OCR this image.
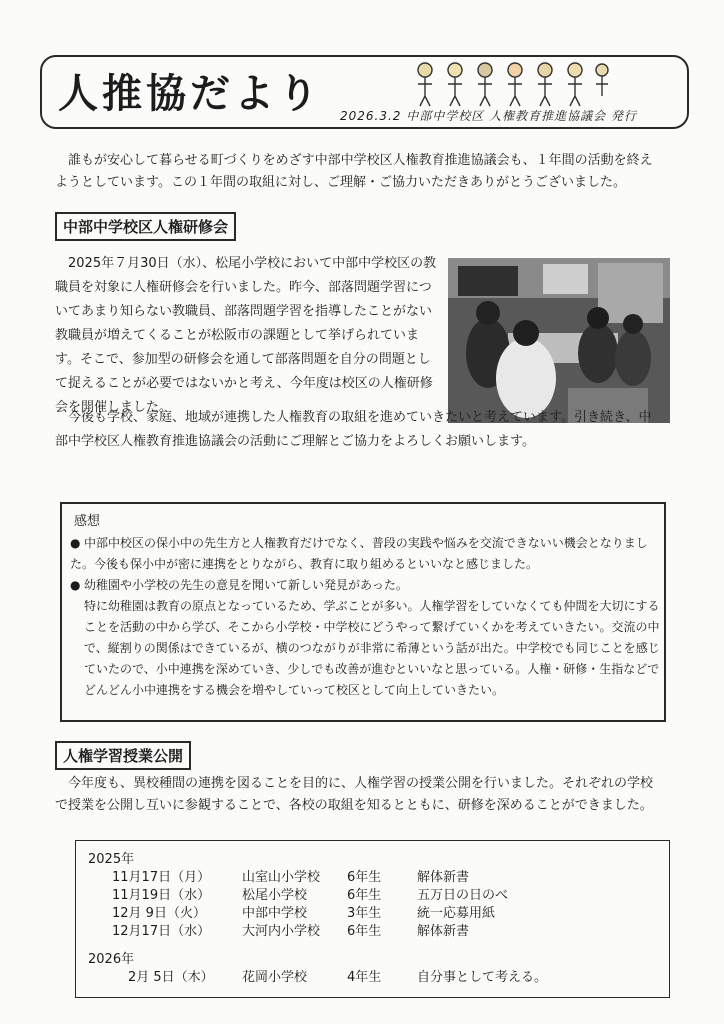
人推協だより 2026.3.2 中部中学校区 人権教育推進協議会 発行
誰もが安心して暮らせる町づくりをめざす中部中学校区人権教育推進協議会も、１年間の活動を終えようとしています。この１年間の取組に対し、ご理解・ご協力いただきありがとうございました。
中部中学校区人権研修会
2025年７月30日（水）、松尾小学校において中部中学校区の教職員を対象に人権研修会を行いました。昨今、部落問題学習についてあまり知らない教職員、部落問題学習を指導したことがない教職員が増えてくることが松阪市の課題として挙げられています。そこで、参加型の研修会を通して部落問題を自分の問題として捉えることが必要ではないかと考え、今年度は校区の人権研修会を開催しました。
今後も学校、家庭、地域が連携した人権教育の取組を進めていきたいと考えています。引き続き、中部中学校区人権教育推進協議会の活動にご理解とご協力をよろしくお願いします。
感想
● 中部中校区の保小中の先生方と人権教育だけでなく、普段の実践や悩みを交流できないい機会となりました。今後も保小中が密に連携をとりながら、教育に取り組めるといいなと感じました。
● 幼稚園や小学校の先生の意見を聞いて新しい発見があった。
特に幼稚園は教育の原点となっているため、学ぶことが多い。人権学習をしていなくても仲間を大切にすることを活動の中から学び、そこから小学校・中学校にどうやって繋げていくかを考えていきたい。交流の中で、縦割りの関係はできているが、横のつながりが非常に希薄という話が出た。中学校でも同じことを感じていたので、小中連携を深めていき、少しでも改善が進むといいなと思っている。人権・研修・生指などでどんどん小中連携をする機会を増やしていって校区として向上していきたい。
人権学習授業公開
今年度も、異校種間の連携を図ることを目的に、人権学習の授業公開を行いました。それぞれの学校で授業を公開し互いに参観することで、各校の取組を知るとともに、研修を深めることができました。
2025年
11月17日（月） 山室山小学校 6年生	解体新書
11月19日（水） 松尾小学校	6年生	五万日の日のべ
12月 9日（火）	中部中学校	3年生	統一応募用紙
12月17日（水） 大河内小学校 6年生	解体新書
2026年
2月 5日（木） 花岡小学校	4年生	自分事として考える。
